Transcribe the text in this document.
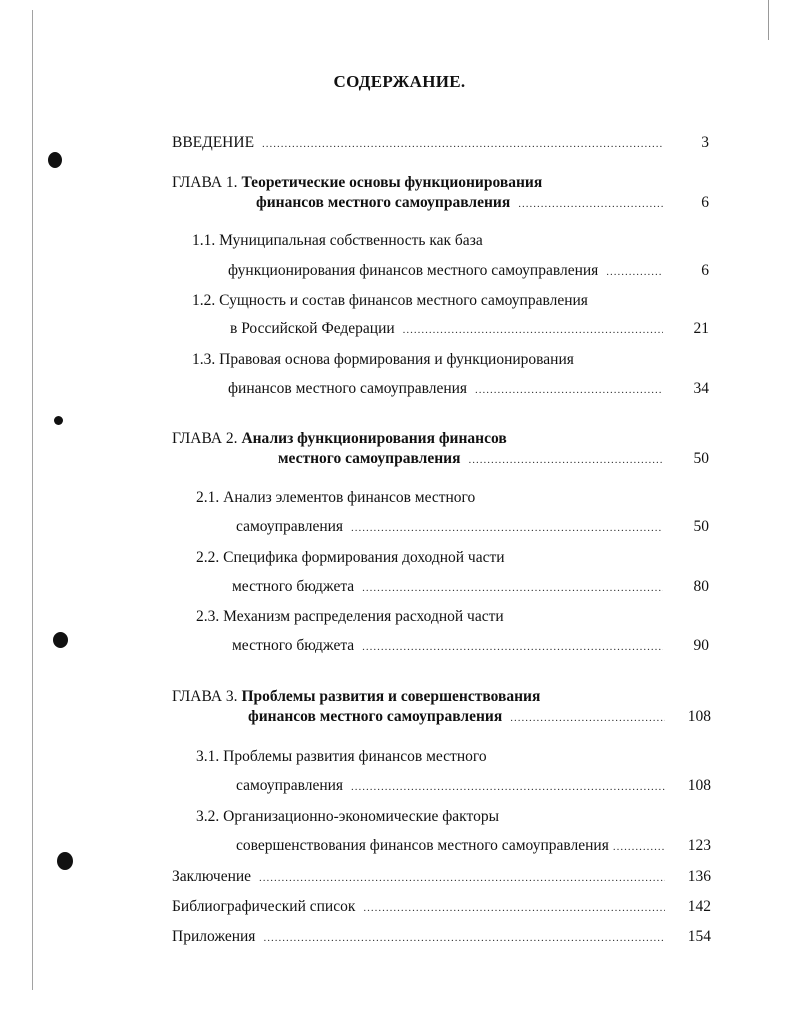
СОДЕРЖАНИЕ.
ВВЕДЕНИЕ .....	3
ГЛАВА 1. Теоретические основы функционирования
финансов местного самоуправления .....	6
1.1. Муниципальная собственность как база
функционирования финансов местного самоуправления .....	6
1.2. Сущность и состав финансов местного самоуправления
в Российской Федерации .....	21
1.3. Правовая основа формирования и функционирования
финансов местного самоуправления .....	34
ГЛАВА 2. Анализ функционирования финансов
местного самоуправления .....	50
2.1. Анализ элементов финансов местного
самоуправления .....	50
2.2. Специфика формирования доходной части
местного бюджета .....	80
2.3. Механизм распределения расходной части
местного бюджета .....	90
ГЛАВА 3. Проблемы развития и совершенствования
финансов местного самоуправления .....	108
3.1. Проблемы развития финансов местного
самоуправления .....	108
3.2. Организационно-экономические факторы
совершенствования финансов местного самоуправления .....	123
Заключение .....	136
Библиографический список .....	142
Приложения .....	154
